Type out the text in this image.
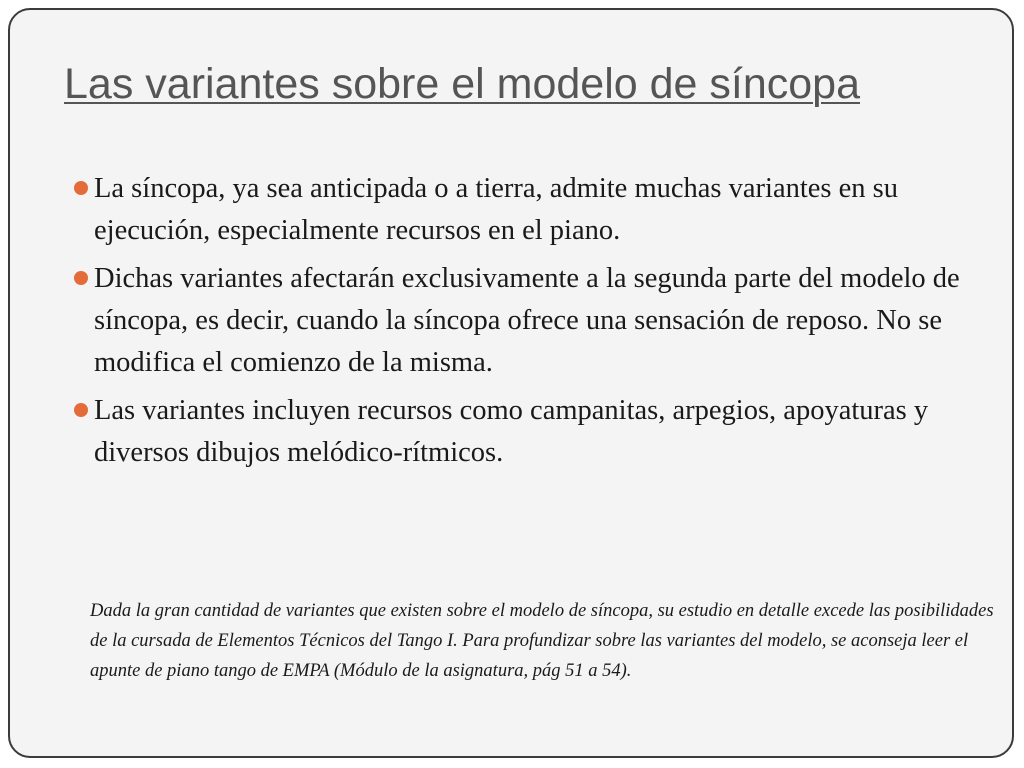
Las variantes sobre el modelo de síncopa
La síncopa, ya sea anticipada o a tierra, admite muchas variantes en su ejecución, especialmente recursos en el piano.
Dichas variantes afectarán exclusivamente a la segunda parte del modelo de síncopa, es decir, cuando la síncopa ofrece una sensación de reposo. No se modifica el comienzo de la misma.
Las variantes incluyen recursos como campanitas, arpegios, apoyaturas y diversos dibujos melódico-rítmicos.

Dada la gran cantidad de variantes que existen sobre el modelo de síncopa, su estudio en detalle excede las posibilidades de la cursada de Elementos Técnicos del Tango I. Para profundizar sobre las variantes del modelo, se aconseja leer el apunte de piano tango de EMPA (Módulo de la asignatura, pág 51 a 54).
